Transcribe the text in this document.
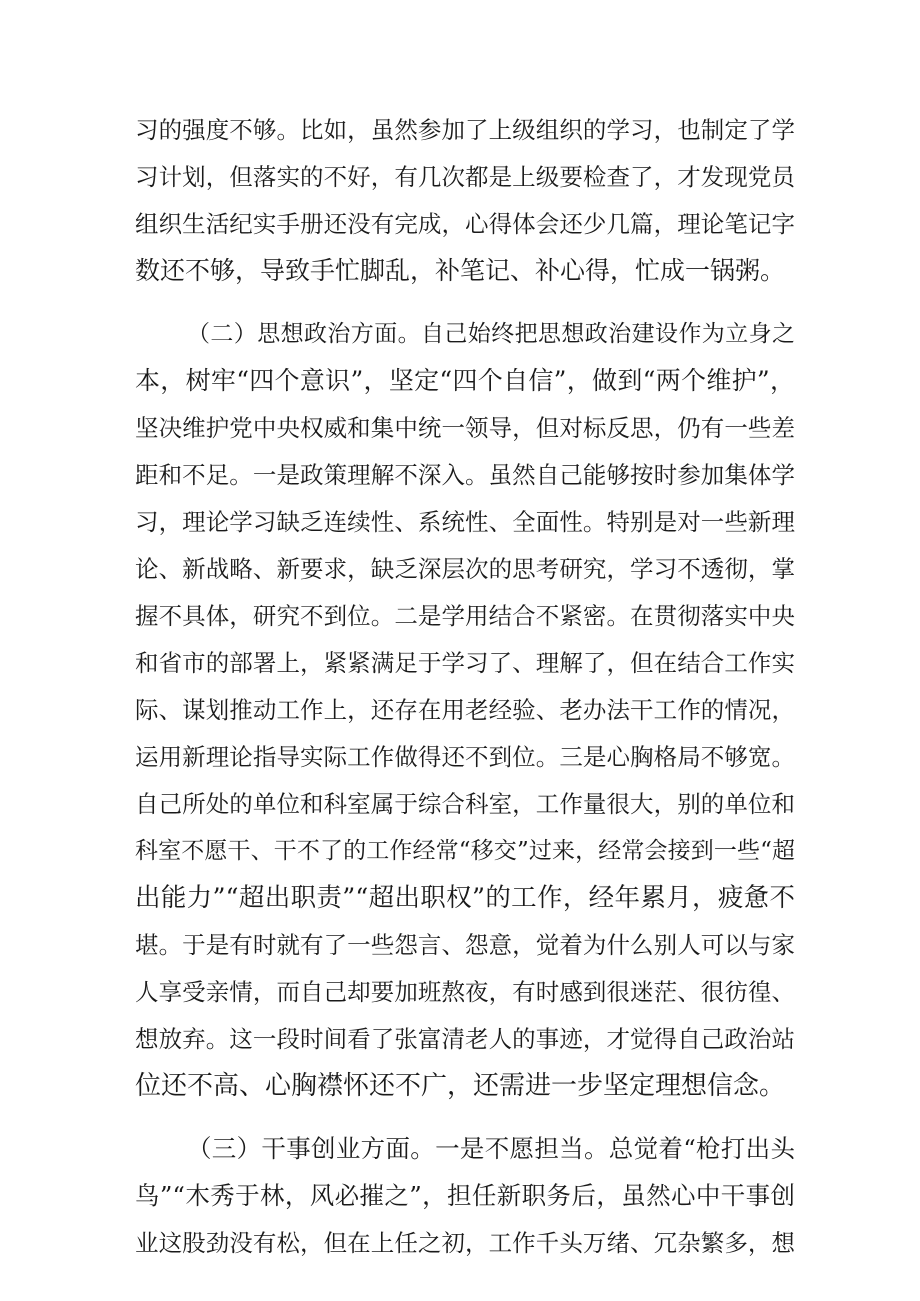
习的强度不够。比如，虽然参加了上级组织的学习，也制定了学
习计划，但落实的不好，有几次都是上级要检查了，才发现党员
组织生活纪实手册还没有完成，心得体会还少几篇，理论笔记字
数还不够，导致手忙脚乱，补笔记、补心得，忙成一锅粥。
（二）思想政治方面。自己始终把思想政治建设作为立身之
本，树牢“四个意识”，坚定“四个自信”，做到“两个维护”，
坚决维护党中央权威和集中统一领导，但对标反思，仍有一些差
距和不足。一是政策理解不深入。虽然自己能够按时参加集体学
习，理论学习缺乏连续性、系统性、全面性。特别是对一些新理
论、新战略、新要求，缺乏深层次的思考研究，学习不透彻，掌
握不具体，研究不到位。二是学用结合不紧密。在贯彻落实中央
和省市的部署上，紧紧满足于学习了、理解了，但在结合工作实
际、谋划推动工作上，还存在用老经验、老办法干工作的情况，
运用新理论指导实际工作做得还不到位。三是心胸格局不够宽。
自己所处的单位和科室属于综合科室，工作量很大，别的单位和
科室不愿干、干不了的工作经常“移交”过来，经常会接到一些“超
出能力”“超出职责”“超出职权”的工作，经年累月，疲惫不
堪。于是有时就有了一些怨言、怨意，觉着为什么别人可以与家
人享受亲情，而自己却要加班熬夜，有时感到很迷茫、很彷徨、
想放弃。这一段时间看了张富清老人的事迹，才觉得自己政治站
位还不高、心胸襟怀还不广，还需进一步坚定理想信念。
（三）干事创业方面。一是不愿担当。总觉着“枪打出头
鸟”“木秀于林，风必摧之”，担任新职务后，虽然心中干事创
业这股劲没有松，但在上任之初，工作千头万绪、冗杂繁多，想
